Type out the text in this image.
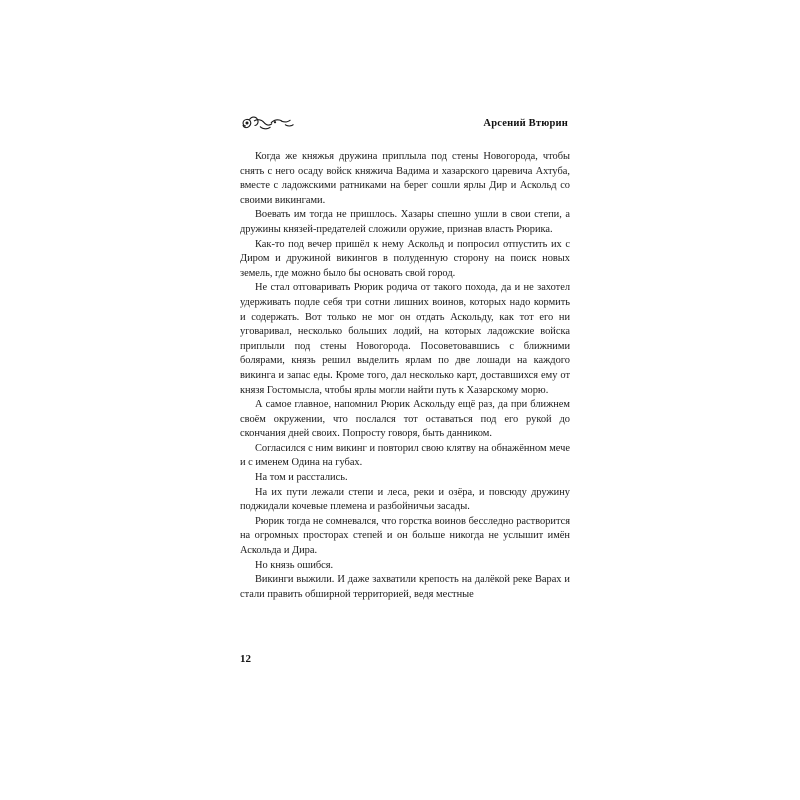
Арсений Втюрин

Когда же княжья дружина приплыла под стены Новогорода, чтобы снять с него осаду войск княжича Вадима и хазарского царевича Ахтуба, вместе с ладожскими ратниками на берег сошли ярлы Дир и Аскольд со своими викингами.

Воевать им тогда не пришлось. Хазары спешно ушли в свои степи, а дружины князей-предателей сложили оружие, признав власть Рюрика.

Как-то под вечер пришёл к нему Аскольд и попросил отпустить их с Диром и дружиной викингов в полуденную сторону на поиск новых земель, где можно было бы основать свой город.

Не стал отговаривать Рюрик родича от такого похода, да и не захотел удерживать подле себя три сотни лишних воинов, которых надо кормить и содержать. Вот только не мог он отдать Аскольду, как тот его ни уговаривал, несколько больших лодий, на которых ладожские войска приплыли под стены Новогорода. Посоветовавшись с ближними болярами, князь решил выделить ярлам по две лошади на каждого викинга и запас еды. Кроме того, дал несколько карт, доставшихся ему от князя Гостомысла, чтобы ярлы могли найти путь к Хазарскому морю.

А самое главное, напомнил Рюрик Аскольду ещё раз, да при ближнем своём окружении, что послался тот оставаться под его рукой до скончания дней своих. Попросту говоря, быть данником.

Согласился с ним викинг и повторил свою клятву на обнажённом мече и с именем Одина на губах.

На том и расстались.

На их пути лежали степи и леса, реки и озёра, и повсюду дружину поджидали кочевые племена и разбойничьи засады.

Рюрик тогда не сомневался, что горстка воинов бесследно растворится на огромных просторах степей и он больше никогда не услышит имён Аскольда и Дира.

Но князь ошибся.

Викинги выжили. И даже захватили крепость на далёкой реке Варах и стали править обширной территорией, ведя местные

12
